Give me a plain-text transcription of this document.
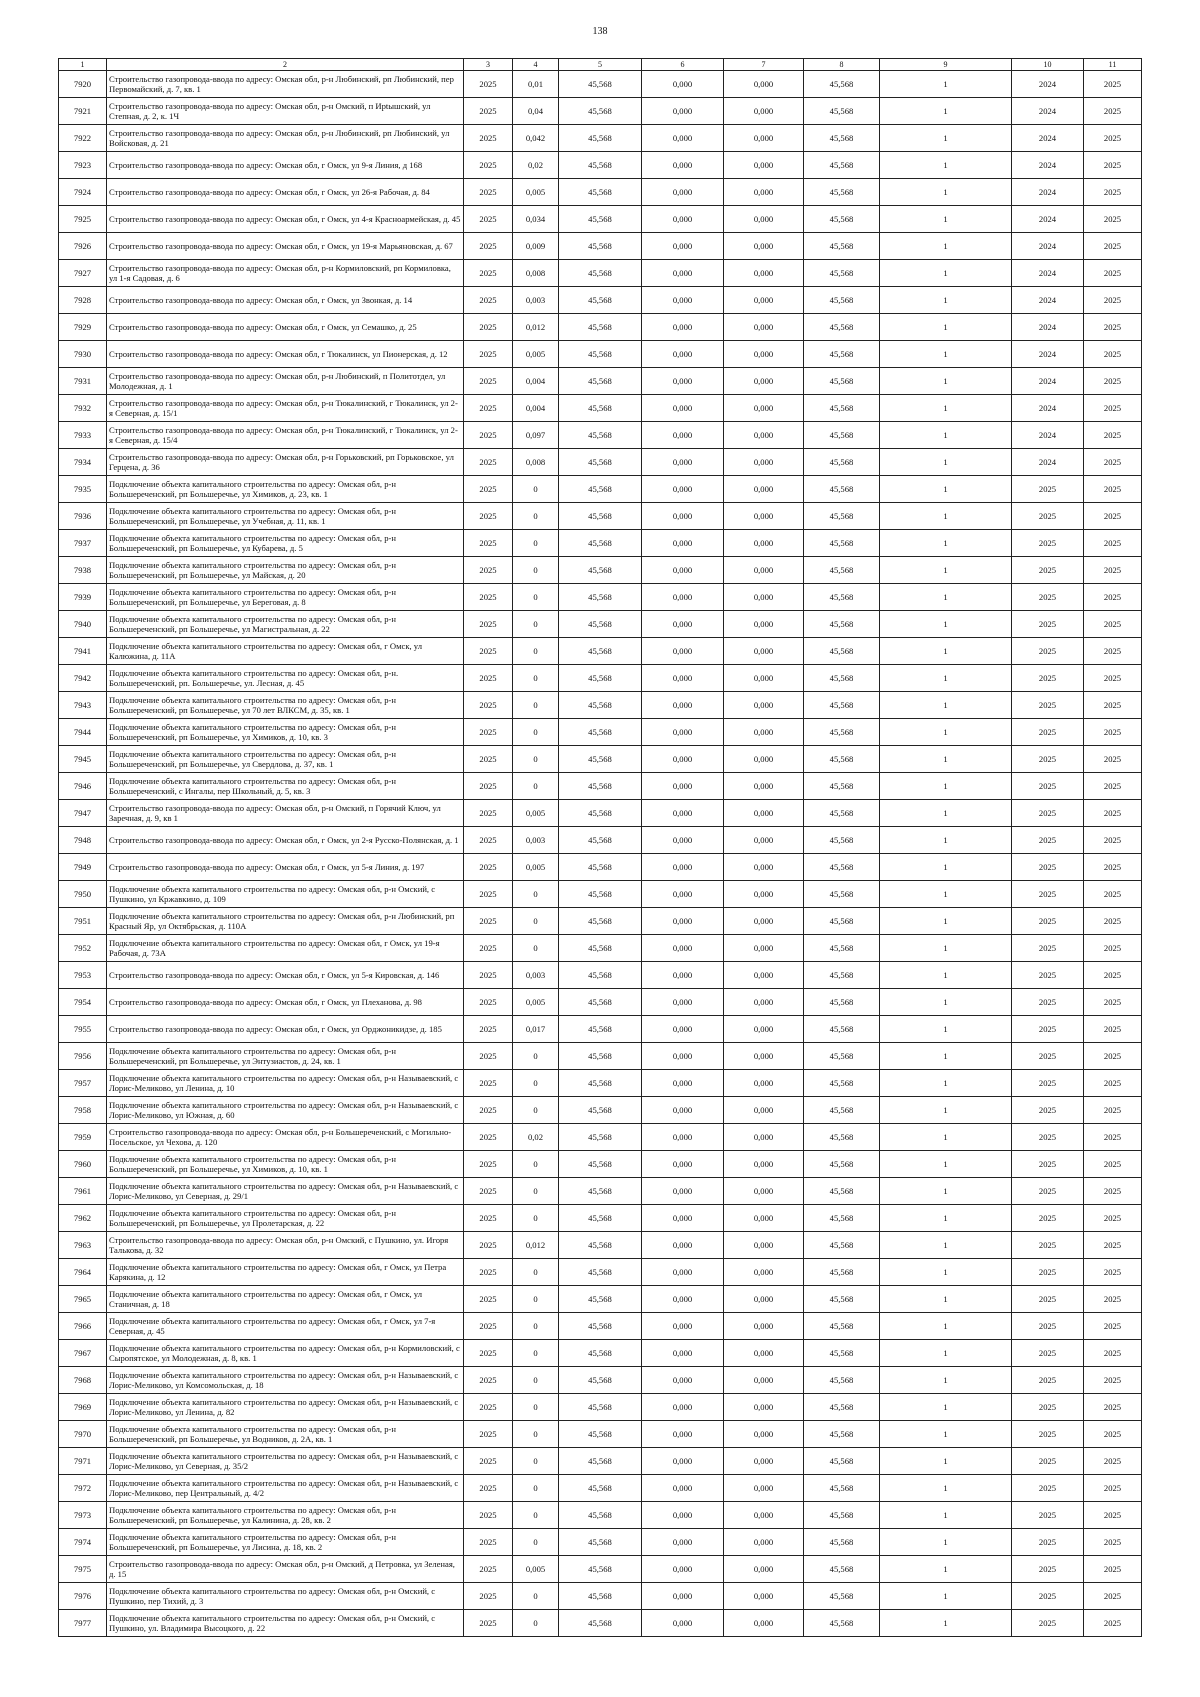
138
1	2	3	4	5	6	7	8	9	10	11
7920	Строительство газопровода-ввода по адресу: Омская обл, р-н Любинский, рп Любинский, пер Первомайский, д. 7, кв. 1	2025	0,01	45,568	0,000	0,000	45,568	1	2024	2025
7921	Строительство газопровода-ввода по адресу: Омская обл, р-н Омский, п Ирtышский, ул Степная, д. 2, к. 1Ч	2025	0,04	45,568	0,000	0,000	45,568	1	2024	2025
7922	Строительство газопровода-ввода по адресу: Омская обл, р-н Любинский, рп Любинский, ул Войсковая, д. 21	2025	0,042	45,568	0,000	0,000	45,568	1	2024	2025
7923	Строительство газопровода-ввода по адресу: Омская обл, г Омск, ул 9-я Линия, д 168	2025	0,02	45,568	0,000	0,000	45,568	1	2024	2025
7924	Строительство газопровода-ввода по адресу: Омская обл, г Омск, ул 26-я Рабочая, д. 84	2025	0,005	45,568	0,000	0,000	45,568	1	2024	2025
7925	Строительство газопровода-ввода по адресу: Омская обл, г Омск, ул 4-я Красноармейская, д. 45	2025	0,034	45,568	0,000	0,000	45,568	1	2024	2025
7926	Строительство газопровода-ввода по адресу: Омская обл, г Омск, ул 19-я Марьяновская, д. 67	2025	0,009	45,568	0,000	0,000	45,568	1	2024	2025
7927	Строительство газопровода-ввода по адресу: Омская обл, р-н Кормиловский, рп Кормиловка, ул 1-я Садовая, д. 6	2025	0,008	45,568	0,000	0,000	45,568	1	2024	2025
7928	Строительство газопровода-ввода по адресу: Омская обл, г Омск, ул Звонкая, д. 14	2025	0,003	45,568	0,000	0,000	45,568	1	2024	2025
7929	Строительство газопровода-ввода по адресу: Омская обл, г Омск, ул Семашко, д. 25	2025	0,012	45,568	0,000	0,000	45,568	1	2024	2025
7930	Строительство газопровода-ввода по адресу: Омская обл, г Тюкалинск, ул Пионерская, д. 12	2025	0,005	45,568	0,000	0,000	45,568	1	2024	2025
7931	Строительство газопровода-ввода по адресу: Омская обл, р-н Любинский, п Политотдел, ул Молодежная, д. 1	2025	0,004	45,568	0,000	0,000	45,568	1	2024	2025
7932	Строительство газопровода-ввода по адресу: Омская обл, р-н Тюкалинский, г Тюкалинск, ул 2-я Северная, д. 15/1	2025	0,004	45,568	0,000	0,000	45,568	1	2024	2025
7933	Строительство газопровода-ввода по адресу: Омская обл, р-н Тюкалинский, г Тюкалинск, ул 2-я Северная, д. 15/4	2025	0,097	45,568	0,000	0,000	45,568	1	2024	2025
7934	Строительство газопровода-ввода по адресу: Омская обл, р-н Горьковский, рп Горьковское, ул Герцена, д. 36	2025	0,008	45,568	0,000	0,000	45,568	1	2024	2025
7935	Подключение объекта капитального строительства по адресу: Омская обл, р-н Большереченский, рп Большеречье, ул Химиков, д. 23, кв. 1	2025	0	45,568	0,000	0,000	45,568	1	2025	2025
7936	Подключение объекта капитального строительства по адресу: Омская обл, р-н Большереченский, рп Большеречье, ул Учебная, д. 11, кв. 1	2025	0	45,568	0,000	0,000	45,568	1	2025	2025
7937	Подключение объекта капитального строительства по адресу: Омская обл, р-н Большереченский, рп Большеречье, ул Кубарева, д. 5	2025	0	45,568	0,000	0,000	45,568	1	2025	2025
7938	Подключение объекта капитального строительства по адресу: Омская обл, р-н Большереченский, рп Большеречье, ул Майская, д. 20	2025	0	45,568	0,000	0,000	45,568	1	2025	2025
7939	Подключение объекта капитального строительства по адресу: Омская обл, р-н Большереченский, рп Большеречье, ул Береговая, д. 8	2025	0	45,568	0,000	0,000	45,568	1	2025	2025
7940	Подключение объекта капитального строительства по адресу: Омская обл, р-н Большереченский, рп Большеречье, ул Магистральная, д. 22	2025	0	45,568	0,000	0,000	45,568	1	2025	2025
7941	Подключение объекта капитального строительства по адресу: Омская обл, г Омск, ул Калюжина, д. 11А	2025	0	45,568	0,000	0,000	45,568	1	2025	2025
7942	Подключение объекта капитального строительства по адресу: Омская обл, р-н. Большереченский, рп. Большеречье, ул. Лесная, д. 45	2025	0	45,568	0,000	0,000	45,568	1	2025	2025
7943	Подключение объекта капитального строительства по адресу: Омская обл, р-н Большереченский, рп Большеречье, ул 70 лет ВЛКСМ, д. 35, кв. 1	2025	0	45,568	0,000	0,000	45,568	1	2025	2025
7944	Подключение объекта капитального строительства по адресу: Омская обл, р-н Большереченский, рп Большеречье, ул Химиков, д. 10, кв. 3	2025	0	45,568	0,000	0,000	45,568	1	2025	2025
7945	Подключение объекта капитального строительства по адресу: Омская обл, р-н Большереченский, рп Большеречье, ул Свердлова, д. 37, кв. 1	2025	0	45,568	0,000	0,000	45,568	1	2025	2025
7946	Подключение объекта капитального строительства по адресу: Омская обл, р-н Большереченский, с Ингалы, пер Школьный, д. 5, кв. 3	2025	0	45,568	0,000	0,000	45,568	1	2025	2025
7947	Строительство газопровода-ввода по адресу: Омская обл, р-н Омский, п Горячий Ключ, ул Заречная, д. 9, кв 1	2025	0,005	45,568	0,000	0,000	45,568	1	2025	2025
7948	Строительство газопровода-ввода по адресу: Омская обл, г Омск, ул 2-я Русско-Полянская, д. 1	2025	0,003	45,568	0,000	0,000	45,568	1	2025	2025
7949	Строительство газопровода-ввода по адресу: Омская обл, г Омск, ул 5-я Линия, д. 197	2025	0,005	45,568	0,000	0,000	45,568	1	2025	2025
7950	Подключение объекта капитального строительства по адресу: Омская обл, р-н Омский, с Пушкино, ул Кржавкино, д. 109	2025	0	45,568	0,000	0,000	45,568	1	2025	2025
7951	Подключение объекта капитального строительства по адресу: Омская обл, р-н Любинский, рп Красный Яр, ул Октябрьская, д. 110А	2025	0	45,568	0,000	0,000	45,568	1	2025	2025
7952	Подключение объекта капитального строительства по адресу: Омская обл, г Омск, ул 19-я Рабочая, д. 73А	2025	0	45,568	0,000	0,000	45,568	1	2025	2025
7953	Строительство газопровода-ввода по адресу: Омская обл, г Омск, ул 5-я Кировская, д. 146	2025	0,003	45,568	0,000	0,000	45,568	1	2025	2025
7954	Строительство газопровода-ввода по адресу: Омская обл, г Омск, ул Плеханова, д. 98	2025	0,005	45,568	0,000	0,000	45,568	1	2025	2025
7955	Строительство газопровода-ввода по адресу: Омская обл, г Омск, ул Орджоникидзе, д. 185	2025	0,017	45,568	0,000	0,000	45,568	1	2025	2025
7956	Подключение объекта капитального строительства по адресу: Омская обл, р-н Большереченский, рп Большеречье, ул Энтузиастов, д. 24, кв. 1	2025	0	45,568	0,000	0,000	45,568	1	2025	2025
7957	Подключение объекта капитального строительства по адресу: Омская обл, р-н Называевский, с Лорис-Меликово, ул Ленина, д. 10	2025	0	45,568	0,000	0,000	45,568	1	2025	2025
7958	Подключение объекта капитального строительства по адресу: Омская обл, р-н Называевский, с Лорис-Меликово, ул Южная, д. 60	2025	0	45,568	0,000	0,000	45,568	1	2025	2025
7959	Строительство газопровода-ввода по адресу: Омская обл, р-н Большереченский, с Могильно-Посельское, ул Чехова, д. 120	2025	0,02	45,568	0,000	0,000	45,568	1	2025	2025
7960	Подключение объекта капитального строительства по адресу: Омская обл, р-н Большереченский, рп Большеречье, ул Химиков, д. 10, кв. 1	2025	0	45,568	0,000	0,000	45,568	1	2025	2025
7961	Подключение объекта капитального строительства по адресу: Омская обл, р-н Называевский, с Лорис-Меликово, ул Северная, д. 29/1	2025	0	45,568	0,000	0,000	45,568	1	2025	2025
7962	Подключение объекта капитального строительства по адресу: Омская обл, р-н Большереченский, рп Большеречье, ул Пролетарская, д. 22	2025	0	45,568	0,000	0,000	45,568	1	2025	2025
7963	Строительство газопровода-ввода по адресу: Омская обл, р-н Омский, с Пушкино, ул. Игоря Талькова, д. 32	2025	0,012	45,568	0,000	0,000	45,568	1	2025	2025
7964	Подключение объекта капитального строительства по адресу: Омская обл, г Омск, ул Петра Карякина, д. 12	2025	0	45,568	0,000	0,000	45,568	1	2025	2025
7965	Подключение объекта капитального строительства по адресу: Омская обл, г Омск, ул Станичная, д. 18	2025	0	45,568	0,000	0,000	45,568	1	2025	2025
7966	Подключение объекта капитального строительства по адресу: Омская обл, г Омск, ул 7-я Северная, д. 45	2025	0	45,568	0,000	0,000	45,568	1	2025	2025
7967	Подключение объекта капитального строительства по адресу: Омская обл, р-н Кормиловский, с Сыропятское, ул Молодежная, д. 8, кв. 1	2025	0	45,568	0,000	0,000	45,568	1	2025	2025
7968	Подключение объекта капитального строительства по адресу: Омская обл, р-н Называевский, с Лорис-Меликово, ул Комсомольская, д. 18	2025	0	45,568	0,000	0,000	45,568	1	2025	2025
7969	Подключение объекта капитального строительства по адресу: Омская обл, р-н Называевский, с Лорис-Меликово, ул Ленина, д. 82	2025	0	45,568	0,000	0,000	45,568	1	2025	2025
7970	Подключение объекта капитального строительства по адресу: Омская обл, р-н Большереченский, рп Большеречье, ул Водников, д. 2А, кв. 1	2025	0	45,568	0,000	0,000	45,568	1	2025	2025
7971	Подключение объекта капитального строительства по адресу: Омская обл, р-н Называевский, с Лорис-Меликово, ул Северная, д. 35/2	2025	0	45,568	0,000	0,000	45,568	1	2025	2025
7972	Подключение объекта капитального строительства по адресу: Омская обл, р-н Называевский, с Лорис-Меликово, пер Центральный, д. 4/2	2025	0	45,568	0,000	0,000	45,568	1	2025	2025
7973	Подключение объекта капитального строительства по адресу: Омская обл, р-н Большереченский, рп Большеречье, ул Калинина, д. 28, кв. 2	2025	0	45,568	0,000	0,000	45,568	1	2025	2025
7974	Подключение объекта капитального строительства по адресу: Омская обл, р-н Большереченский, рп Большеречье, ул Лисина, д. 18, кв. 2	2025	0	45,568	0,000	0,000	45,568	1	2025	2025
7975	Строительство газопровода-ввода по адресу: Омская обл, р-н Омский, д Петровка, ул Зеленая, д. 15	2025	0,005	45,568	0,000	0,000	45,568	1	2025	2025
7976	Подключение объекта капитального строительства по адресу: Омская обл, р-н Омский, с Пушкино, пер Тихий, д. 3	2025	0	45,568	0,000	0,000	45,568	1	2025	2025
7977	Подключение объекта капитального строительства по адресу: Омская обл, р-н Омский, с Пушкино, ул. Владимира Высоцкого, д. 22	2025	0	45,568	0,000	0,000	45,568	1	2025	2025
